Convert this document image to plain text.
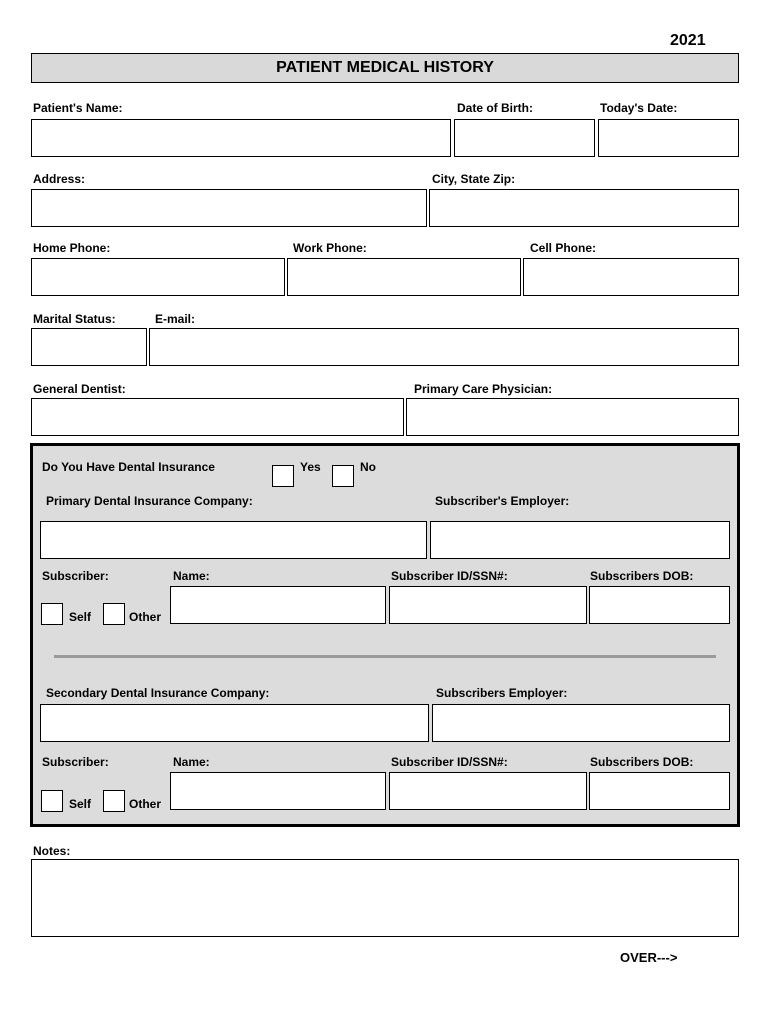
2021
PATIENT MEDICAL HISTORY
Patient's Name:	Date of Birth:	Today's Date:
Address:	City, State Zip:
Home Phone:	Work Phone:	Cell Phone:
Marital Status:	E-mail:
General Dentist:	Primary Care Physician:
Do You Have Dental Insurance	Yes	No
Primary Dental Insurance Company:	Subscriber's Employer:
Subscriber:	Name:	Subscriber ID/SSN#:	Subscribers DOB:
Self	Other
Secondary Dental Insurance Company:	Subscribers Employer:
Subscriber:	Name:	Subscriber ID/SSN#:	Subscribers DOB:
Self	Other
Notes:
OVER--->
